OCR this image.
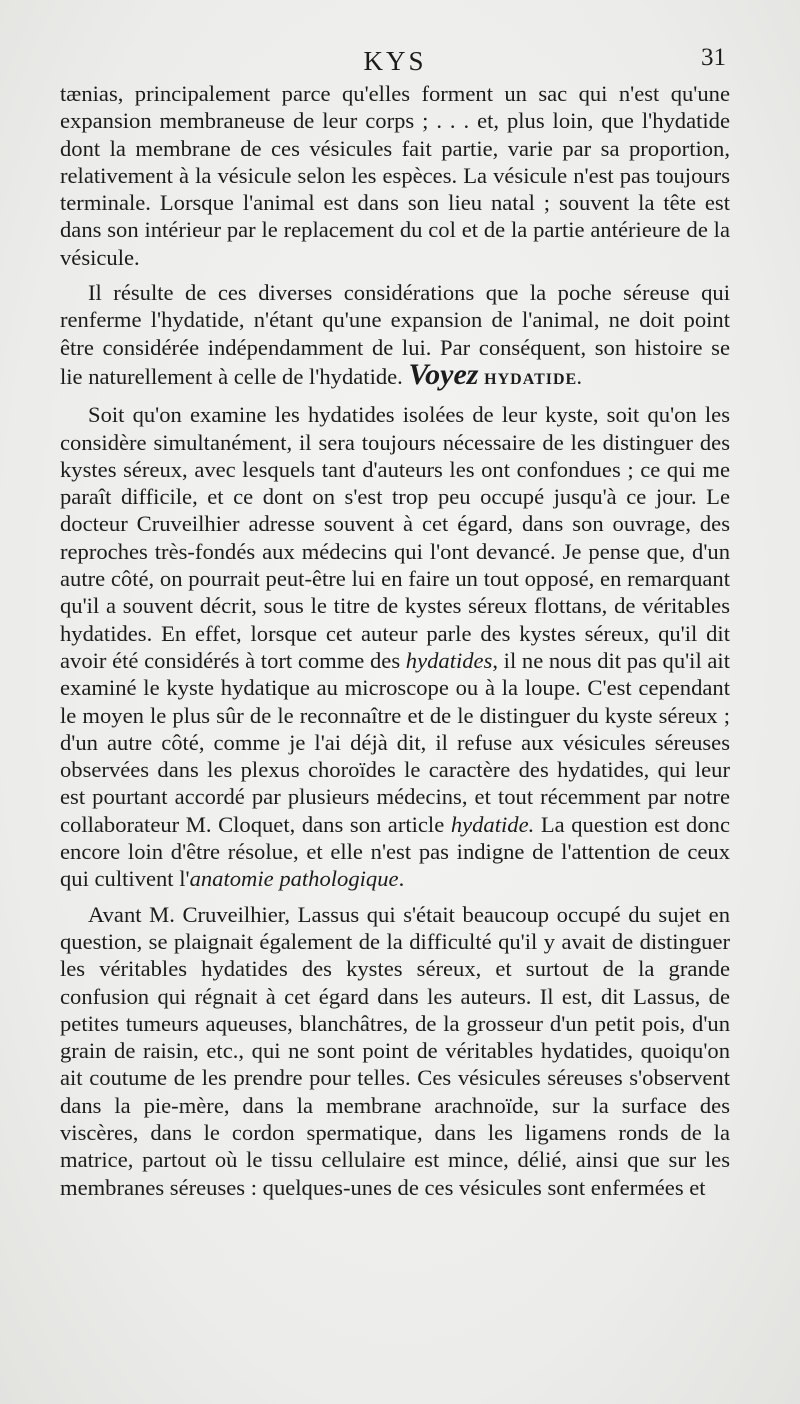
KYS	31

tænias, principalement parce qu'elles forment un sac qui n'est qu'une expansion membraneuse de leur corps ; . . . et, plus loin, que l'hydatide dont la membrane de ces vésicules fait partie, varie par sa proportion, relativement à la vésicule selon les espèces. La vésicule n'est pas toujours terminale. Lorsque l'animal est dans son lieu natal ; souvent la tête est dans son intérieur par le replacement du col et de la partie antérieure de la vésicule.

Il résulte de ces diverses considérations que la poche séreuse qui renferme l'hydatide, n'étant qu'une expansion de l'animal, ne doit point être considérée indépendamment de lui. Par conséquent, son histoire se lie naturellement à celle de l'hydatide. Voyez HYDATIDE.

Soit qu'on examine les hydatides isolées de leur kyste, soit qu'on les considère simultanément, il sera toujours nécessaire de les distinguer des kystes séreux, avec lesquels tant d'auteurs les ont confondues ; ce qui me paraît difficile, et ce dont on s'est trop peu occupé jusqu'à ce jour. Le docteur Cruveilhier adresse souvent à cet égard, dans son ouvrage, des reproches très-fondés aux médecins qui l'ont devancé. Je pense que, d'un autre côté, on pourrait peut-être lui en faire un tout opposé, en remarquant qu'il a souvent décrit, sous le titre de kystes séreux flottans, de véritables hydatides. En effet, lorsque cet auteur parle des kystes séreux, qu'il dit avoir été considérés à tort comme des hydatides, il ne nous dit pas qu'il ait examiné le kyste hydatique au microscope ou à la loupe. C'est cependant le moyen le plus sûr de le reconnaître et de le distinguer du kyste séreux ; d'un autre côté, comme je l'ai déjà dit, il refuse aux vésicules séreuses observées dans les plexus choroïdes le caractère des hydatides, qui leur est pourtant accordé par plusieurs médecins, et tout récemment par notre collaborateur M. Cloquet, dans son article hydatide. La question est donc encore loin d'être résolue, et elle n'est pas indigne de l'attention de ceux qui cultivent l'anatomie pathologique.

Avant M. Cruveilhier, Lassus qui s'était beaucoup occupé du sujet en question, se plaignait également de la difficulté qu'il y avait de distinguer les véritables hydatides des kystes séreux, et surtout de la grande confusion qui régnait à cet égard dans les auteurs. Il est, dit Lassus, de petites tumeurs aqueuses, blanchâtres, de la grosseur d'un petit pois, d'un grain de raisin, etc., qui ne sont point de véritables hydatides, quoiqu'on ait coutume de les prendre pour telles. Ces vésicules séreuses s'observent dans la pie-mère, dans la membrane arachnoïde, sur la surface des viscères, dans le cordon spermatique, dans les ligamens ronds de la matrice, partout où le tissu cellulaire est mince, délié, ainsi que sur les membranes séreuses : quelques-unes de ces vésicules sont enfermées et
